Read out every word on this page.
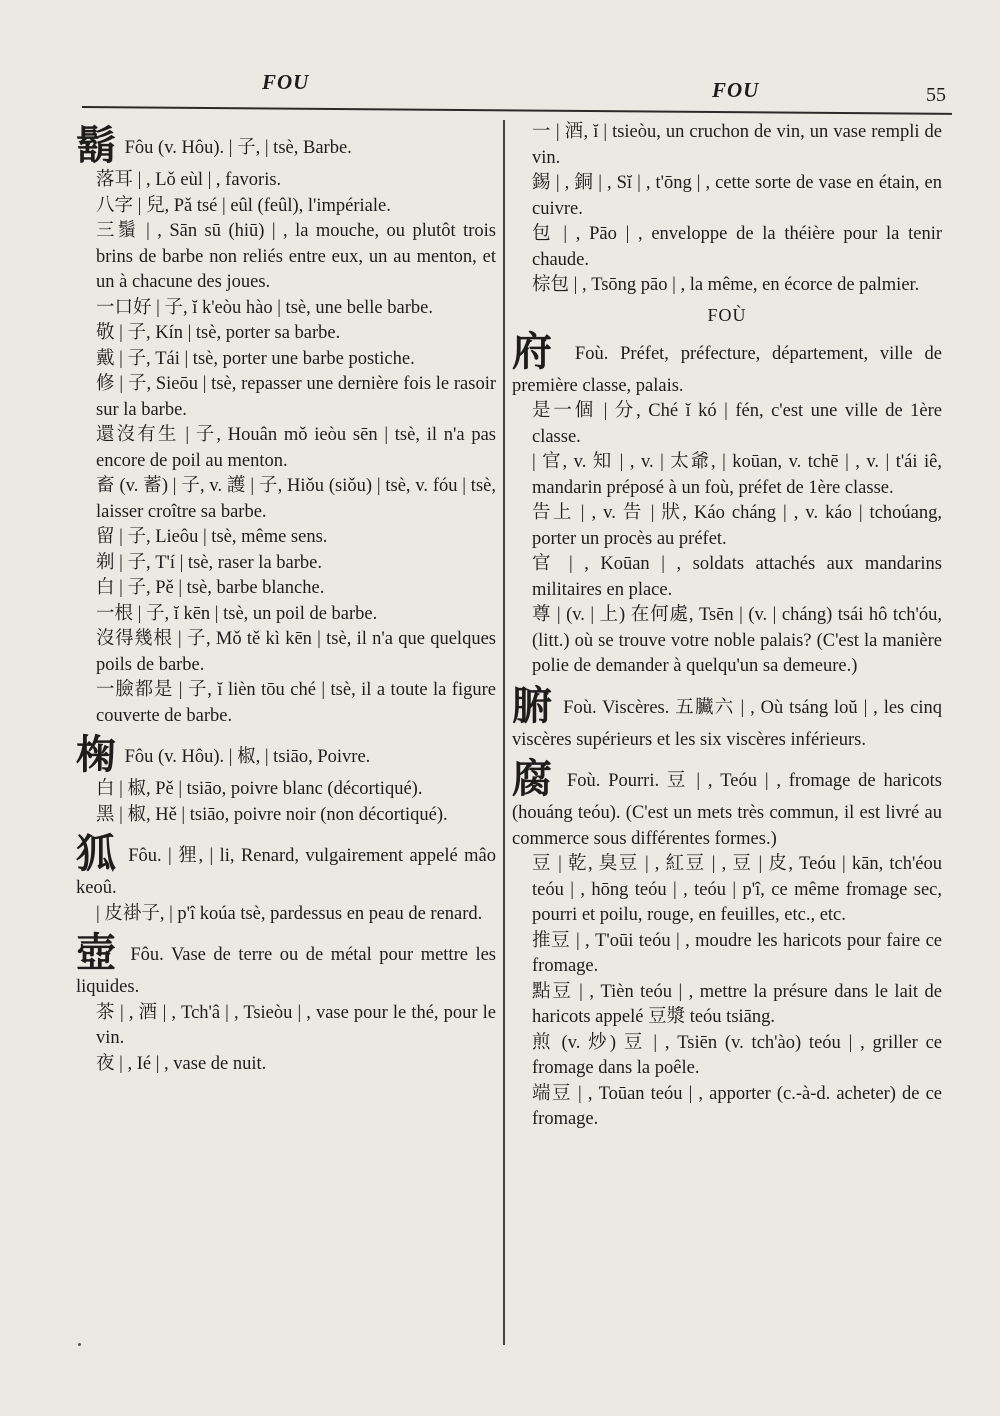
FOU	FOU	55

鬍 Fôu (v. Hôu). | 子, | tsè, Barbe.

落耳 | , Lǒ eùl | , favoris.

八字 | 兒, Pǎ tsé | eûl (feûl), l'impériale.

三鬚 | , Sān sū (hiū) | , la mouche, ou plutôt trois brins de barbe non reliés entre eux, un au menton, et un à chacune des joues.

一口好 | 子, ĭ k'eòu hào | tsè, une belle barbe.

敬 | 子, Kín | tsè, porter sa barbe.

戴 | 子, Tái | tsè, porter une barbe postiche.

修 | 子, Sieōu | tsè, repasser une dernière fois le rasoir sur la barbe.

還沒有生 | 子, Houân mǒ ieòu sēn | tsè, il n'a pas encore de poil au menton.

畜 (v. 蓄) | 子, v. 護 | 子, Hiǒu (siǒu) | tsè, v. fóu | tsè, laisser croître sa barbe.

留 | 子, Lieôu | tsè, même sens.

剃 | 子, T'í | tsè, raser la barbe.

白 | 子, Pě | tsè, barbe blanche.

一根 | 子, ĭ kēn | tsè, un poil de barbe.

沒得幾根 | 子, Mǒ tě kì kēn | tsè, il n'a que quelques poils de barbe.

一臉都是 | 子, ĭ lièn tōu ché | tsè, il a toute la figure couverte de barbe.

椈 Fôu (v. Hôu). | 椒, | tsiāo, Poivre.

白 | 椒, Pě | tsiāo, poivre blanc (décortiqué).

黑 | 椒, Hě | tsiāo, poivre noir (non décortiqué).

狐 Fôu. | 狸, | li, Renard, vulgairement appelé mâo keoû.

| 皮褂子, | p'î koúa tsè, pardessus en peau de renard.

壺 Fôu. Vase de terre ou de métal pour mettre les liquides.

茶 | , 酒 | , Tch'â | , Tsieòu | , vase pour le thé, pour le vin.

夜 | , Ié | , vase de nuit.

一 | 酒, ĭ | tsieòu, un cruchon de vin, un vase rempli de vin.

錫 | , 銅 | , Sĭ | , t'ōng | , cette sorte de vase en étain, en cuivre.

包 | , Pāo | , enveloppe de la théière pour la tenir chaude.

棕包 | , Tsōng pāo | , la même, en écorce de palmier.

FOÙ

府 Foù. Préfet, préfecture, département, ville de première classe, palais.

是一個 | 分, Ché ĭ kó | fén, c'est une ville de 1ère classe.

| 官, v. 知 | , v. | 太爺, | koūan, v. tchē | , v. | t'ái iê, mandarin préposé à un foù, préfet de 1ère classe.

告上 | , v. 告 | 狀, Káo cháng | , v. káo | tchoúang, porter un procès au préfet.

官 | , Koūan | , soldats attachés aux mandarins militaires en place.

尊 | (v. | 上) 在何處, Tsēn | (v. | cháng) tsái hô tch'óu, (litt.) où se trouve votre noble palais? (C'est la manière polie de demander à quelqu'un sa demeure.)

腑 Foù. Viscères. 五臟六 | , Où tsáng loŭ | , les cinq viscères supérieurs et les six viscères inférieurs.

腐 Foù. Pourri. 豆 | , Teóu | , fromage de haricots (houáng teóu). (C'est un mets très commun, il est livré au commerce sous différentes formes.)

豆 | 乾, 臭豆 | , 紅豆 | , 豆 | 皮, Teóu | kān, tch'éou teóu | , hōng teóu | , teóu | p'î, ce même fromage sec, pourri et poilu, rouge, en feuilles, etc., etc.

推豆 | , T'oūi teóu | , moudre les haricots pour faire ce fromage.

點豆 | , Tièn teóu | , mettre la présure dans le lait de haricots appelé 豆漿 teóu tsiāng.

煎 (v. 炒) 豆 | , Tsiēn (v. tch'ào) teóu | , griller ce fromage dans la poêle.

端豆 | , Toūan teóu | , apporter (c.-à-d. acheter) de ce fromage.
